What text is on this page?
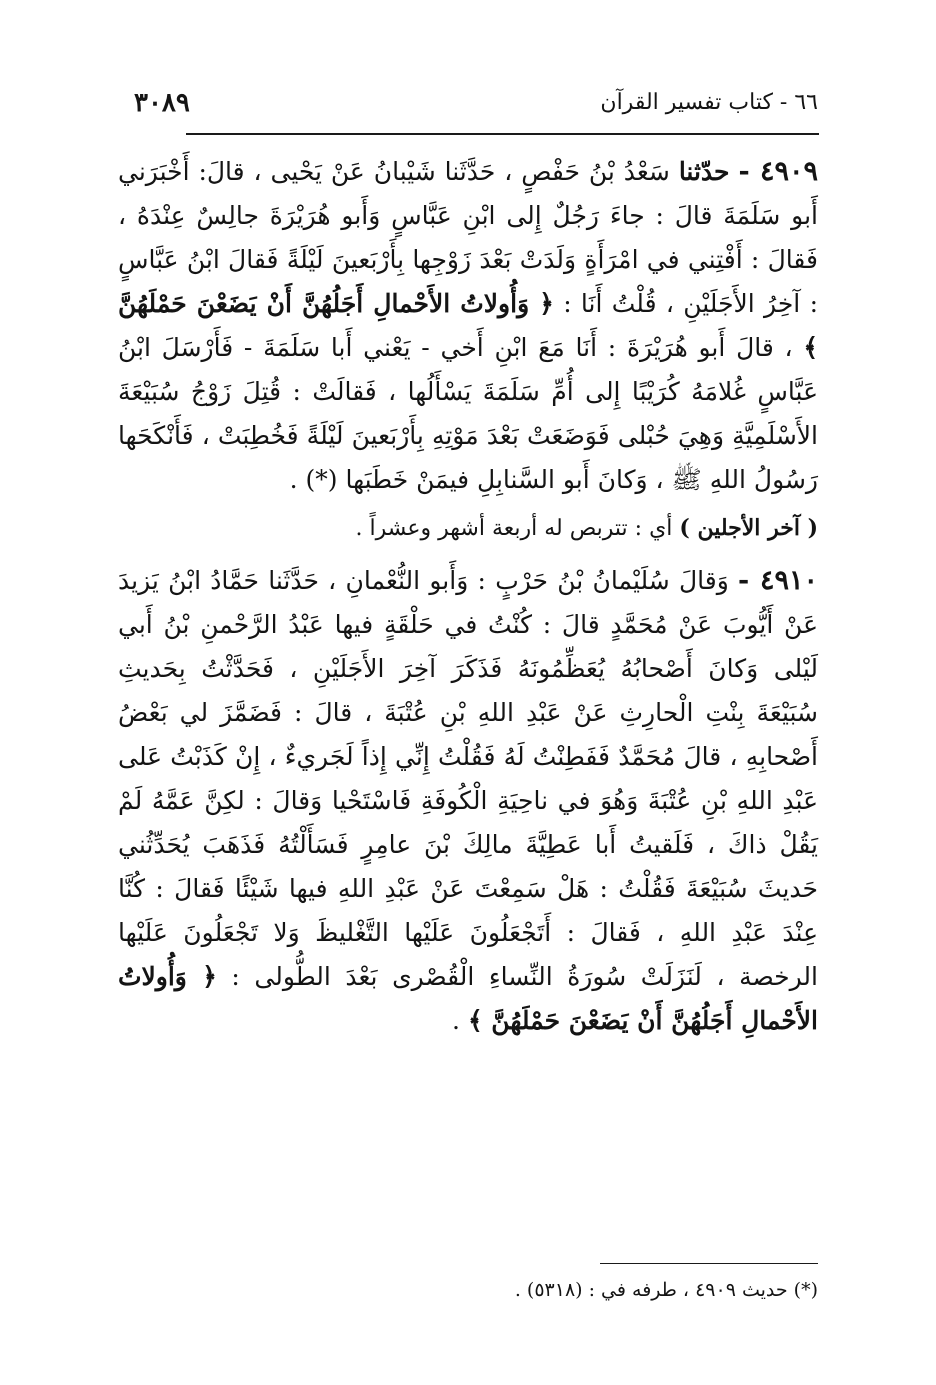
٦٦ - كتاب تفسير القرآن
٣٠٨٩

٤٩٠٩ - حدّثنا سَعْدُ بْنُ حَفْصٍ ، حَدَّثَنا شَيْبانُ عَنْ يَحْيى ، قالَ: أَخْبَرَني أَبو سَلَمَةَ قالَ : جاءَ رَجُلٌ إِلى ابْنِ عَبَّاسٍ وَأَبو هُرَيْرَةَ جالِسٌ عِنْدَهُ ، فَقالَ : أَفْتِني في امْرَأَةٍ وَلَدَتْ بَعْدَ زَوْجِها بِأَرْبَعينَ لَيْلَةً فَقالَ ابْنُ عَبَّاسٍ : آخِرُ الأَجَلَيْنِ ، قُلْتُ أَنَا : ﴿ وَأُولاتُ الأَحْمالِ أَجَلُهُنَّ أَنْ يَضَعْنَ حَمْلَهُنَّ ﴾ ، قالَ أَبو هُرَيْرَةَ : أَنَا مَعَ ابْنِ أَخي - يَعْني أَبا سَلَمَةَ - فَأَرْسَلَ ابْنُ عَبَّاسٍ غُلامَهُ كُرَيْبًا إِلى أُمِّ سَلَمَةَ يَسْأَلُها ، فَقالَتْ : قُتِلَ زَوْجُ سُبَيْعَةَ الأَسْلَمِيَّةِ وَهِيَ حُبْلى فَوَضَعَتْ بَعْدَ مَوْتِهِ بِأَرْبَعينَ لَيْلَةً فَخُطِبَتْ ، فَأَنْكَحَها رَسُولُ اللهِ ﷺ ، وَكانَ أَبو السَّنابِلِ فيمَنْ خَطَبَها (*) .

( آخر الأجلين ) أي : تتربص له أربعة أشهر وعشراً .

٤٩١٠ - وَقالَ سُلَيْمانُ بْنُ حَرْبٍ : وَأَبو النُّعْمانِ ، حَدَّثَنا حَمَّادُ ابْنُ يَزيدَ عَنْ أَيُّوبَ عَنْ مُحَمَّدٍ قالَ : كُنْتُ في حَلْقَةٍ فيها عَبْدُ الرَّحْمنِ بْنُ أَبي لَيْلى وَكانَ أَصْحابُهُ يُعَظِّمُونَهُ فَذَكَرَ آخِرَ الأَجَلَيْنِ ، فَحَدَّثْتُ بِحَديثِ سُبَيْعَةَ بِنْتِ الْحارِثِ عَنْ عَبْدِ اللهِ بْنِ عُتْبَةَ ، قالَ : فَضَمَّزَ لي بَعْضُ أَصْحابِهِ ، قالَ مُحَمَّدٌ فَفَطِنْتُ لَهُ فَقُلْتُ إِنِّي إِذاً لَجَريءٌ ، إِنْ كَذَبْتُ عَلى عَبْدِ اللهِ بْنِ عُتْبَةَ وَهُوَ في ناحِيَةِ الْكُوفَةِ فَاسْتَحْيا وَقالَ : لكِنَّ عَمَّهُ لَمْ يَقُلْ ذاكَ ، فَلَقيتُ أَبا عَطِيَّةَ مالِكَ بْنَ عامِرٍ فَسَأَلْتُهُ فَذَهَبَ يُحَدِّثُني حَديثَ سُبَيْعَةَ فَقُلْتُ : هَلْ سَمِعْتَ عَنْ عَبْدِ اللهِ فيها شَيْئًا فَقالَ : كُنَّا عِنْدَ عَبْدِ اللهِ ، فَقالَ : أَتَجْعَلُونَ عَلَيْها التَّغْليظَ وَلا تَجْعَلُونَ عَلَيْها الرخصة ، لَنَزَلَتْ سُورَةُ النِّساءِ الْقُصْرى بَعْدَ الطُّولى : ﴿ وَأُولاتُ الأَحْمالِ أَجَلُهُنَّ أَنْ يَضَعْنَ حَمْلَهُنَّ ﴾ .

(*) حديث ٤٩٠٩ ، طرفه في : (٥٣١٨) .
